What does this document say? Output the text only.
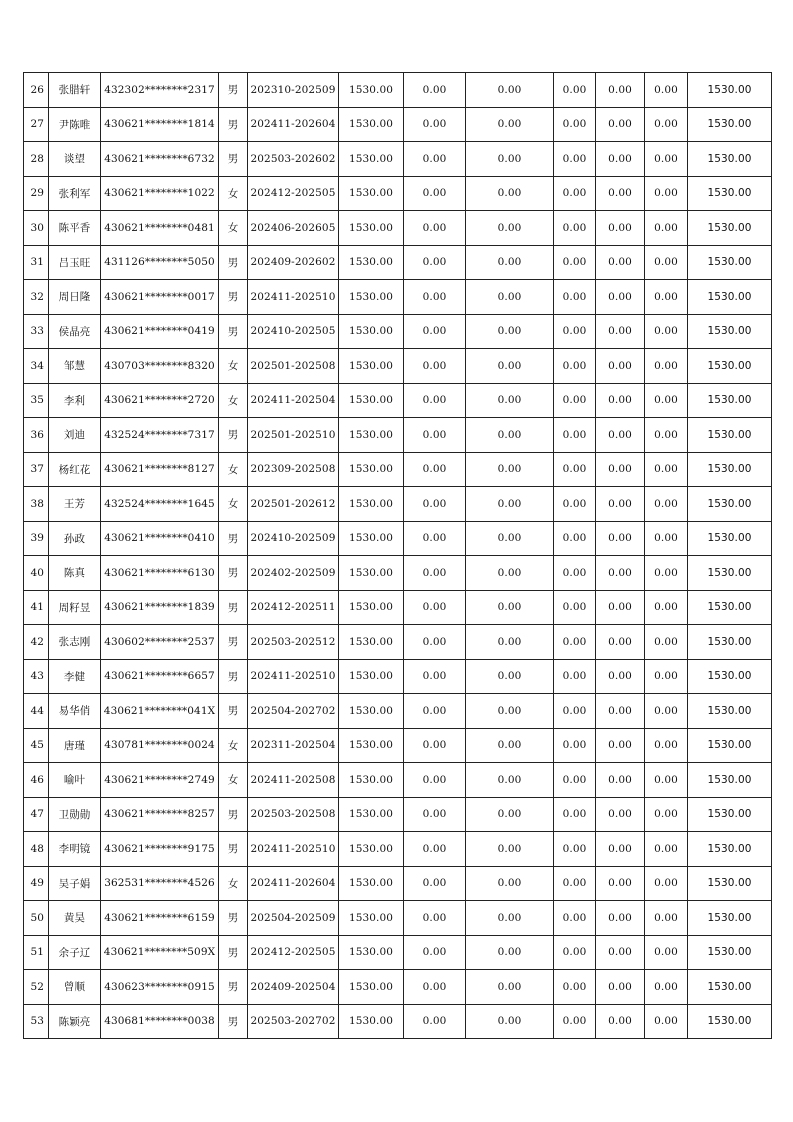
26	张腊轩	432302********2317	男	202310-202509	1530.00	0.00	0.00	0.00	0.00	0.00	1530.00
27	尹陈唯	430621********1814	男	202411-202604	1530.00	0.00	0.00	0.00	0.00	0.00	1530.00
28	谈望	430621********6732	男	202503-202602	1530.00	0.00	0.00	0.00	0.00	0.00	1530.00
29	张利军	430621********1022	女	202412-202505	1530.00	0.00	0.00	0.00	0.00	0.00	1530.00
30	陈平香	430621********0481	女	202406-202605	1530.00	0.00	0.00	0.00	0.00	0.00	1530.00
31	吕玉旺	431126********5050	男	202409-202602	1530.00	0.00	0.00	0.00	0.00	0.00	1530.00
32	周日隆	430621********0017	男	202411-202510	1530.00	0.00	0.00	0.00	0.00	0.00	1530.00
33	侯晶亮	430621********0419	男	202410-202505	1530.00	0.00	0.00	0.00	0.00	0.00	1530.00
34	邹慧	430703********8320	女	202501-202508	1530.00	0.00	0.00	0.00	0.00	0.00	1530.00
35	李利	430621********2720	女	202411-202504	1530.00	0.00	0.00	0.00	0.00	0.00	1530.00
36	刘迪	432524********7317	男	202501-202510	1530.00	0.00	0.00	0.00	0.00	0.00	1530.00
37	杨红花	430621********8127	女	202309-202508	1530.00	0.00	0.00	0.00	0.00	0.00	1530.00
38	王芳	432524********1645	女	202501-202612	1530.00	0.00	0.00	0.00	0.00	0.00	1530.00
39	孙政	430621********0410	男	202410-202509	1530.00	0.00	0.00	0.00	0.00	0.00	1530.00
40	陈真	430621********6130	男	202402-202509	1530.00	0.00	0.00	0.00	0.00	0.00	1530.00
41	周籽昱	430621********1839	男	202412-202511	1530.00	0.00	0.00	0.00	0.00	0.00	1530.00
42	张志刚	430602********2537	男	202503-202512	1530.00	0.00	0.00	0.00	0.00	0.00	1530.00
43	李健	430621********6657	男	202411-202510	1530.00	0.00	0.00	0.00	0.00	0.00	1530.00
44	易华俏	430621********041X	男	202504-202702	1530.00	0.00	0.00	0.00	0.00	0.00	1530.00
45	唐瑾	430781********0024	女	202311-202504	1530.00	0.00	0.00	0.00	0.00	0.00	1530.00
46	喻叶	430621********2749	女	202411-202508	1530.00	0.00	0.00	0.00	0.00	0.00	1530.00
47	卫勋勋	430621********8257	男	202503-202508	1530.00	0.00	0.00	0.00	0.00	0.00	1530.00
48	李明镜	430621********9175	男	202411-202510	1530.00	0.00	0.00	0.00	0.00	0.00	1530.00
49	吴子娟	362531********4526	女	202411-202604	1530.00	0.00	0.00	0.00	0.00	0.00	1530.00
50	黄昊	430621********6159	男	202504-202509	1530.00	0.00	0.00	0.00	0.00	0.00	1530.00
51	余子辽	430621********509X	男	202412-202505	1530.00	0.00	0.00	0.00	0.00	0.00	1530.00
52	曾顺	430623********0915	男	202409-202504	1530.00	0.00	0.00	0.00	0.00	0.00	1530.00
53	陈颖亮	430681********0038	男	202503-202702	1530.00	0.00	0.00	0.00	0.00	0.00	1530.00
